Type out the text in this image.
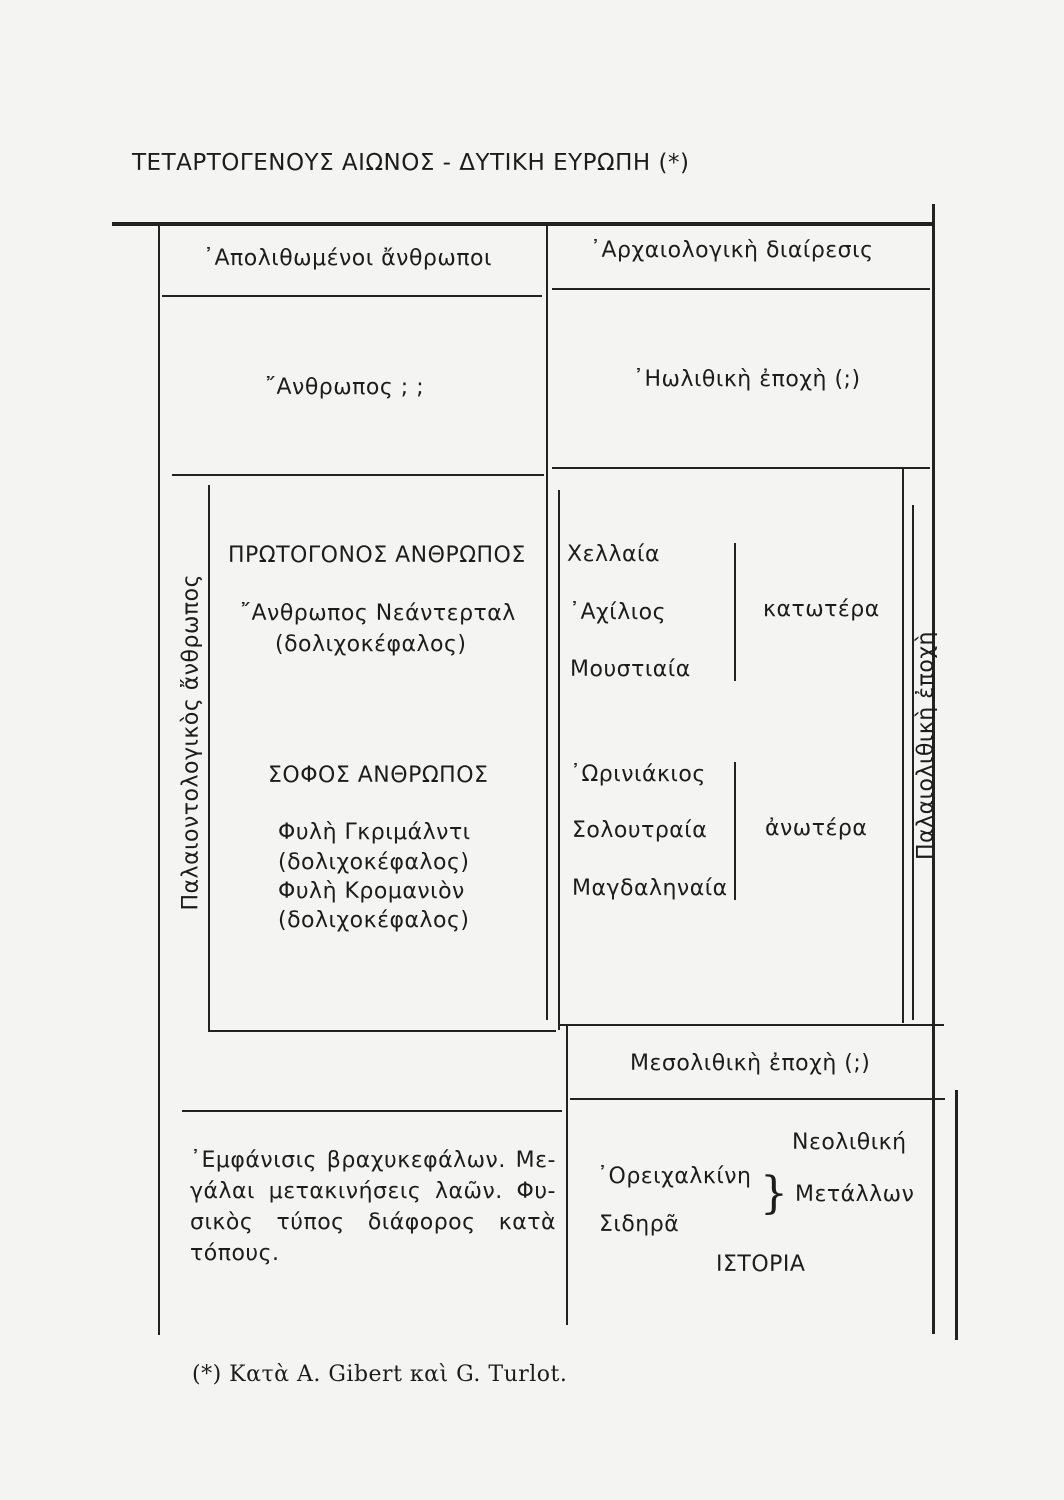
ΤΕΤΑΡΤΟΓΕΝΟΥΣ ΑΙΩΝΟΣ - ΔΥΤΙΚΗ ΕΥΡΩΠΗ (*)
᾿Απολιθωμένοι ἄνθρωποι	᾿Αρχαιολογικὴ διαίρεσις
῎Ανθρωπος ; ;	᾿Ηωλιθικὴ ἐποχὴ (;)
Παλαιοντολογικὸς ἄνθρωπος
ΠΡΩΤΟΓΟΝΟΣ ΑΝΘΡΩΠΟΣ
῎Ανθρωπος Νεάντερταλ
(δολιχοκέφαλος)
ΣΟΦΟΣ ΑΝΘΡΩΠΟΣ
Φυλὴ Γκριμάλντι
(δολιχοκέφαλος)
Φυλὴ Κρομανιὸν
(δολιχοκέφαλος)
Χελλαία
᾿Αχίλιος
Μουστιαία
κατωτέρα
᾿Ωρινιάκιος
Σολουτραία
Μαγδαληναία
ἀνωτέρα Παλαιολιθικὴ ἐποχὴ
Μεσολιθικὴ ἐποχὴ (;)
᾿Εμφάνισις βραχυκεφάλων. Με- γάλαι μετακινήσεις λαῶν. Φυ- σικὸς τύπος διάφορος κατὰ τόπους.
Νεολιθική
᾿Ορειχαλκίνη
Σιδηρᾶ
} Μετάλλων
ΙΣΤΟΡΙΑ
(*) Κατὰ A. Gibert καὶ G. Turlot.
